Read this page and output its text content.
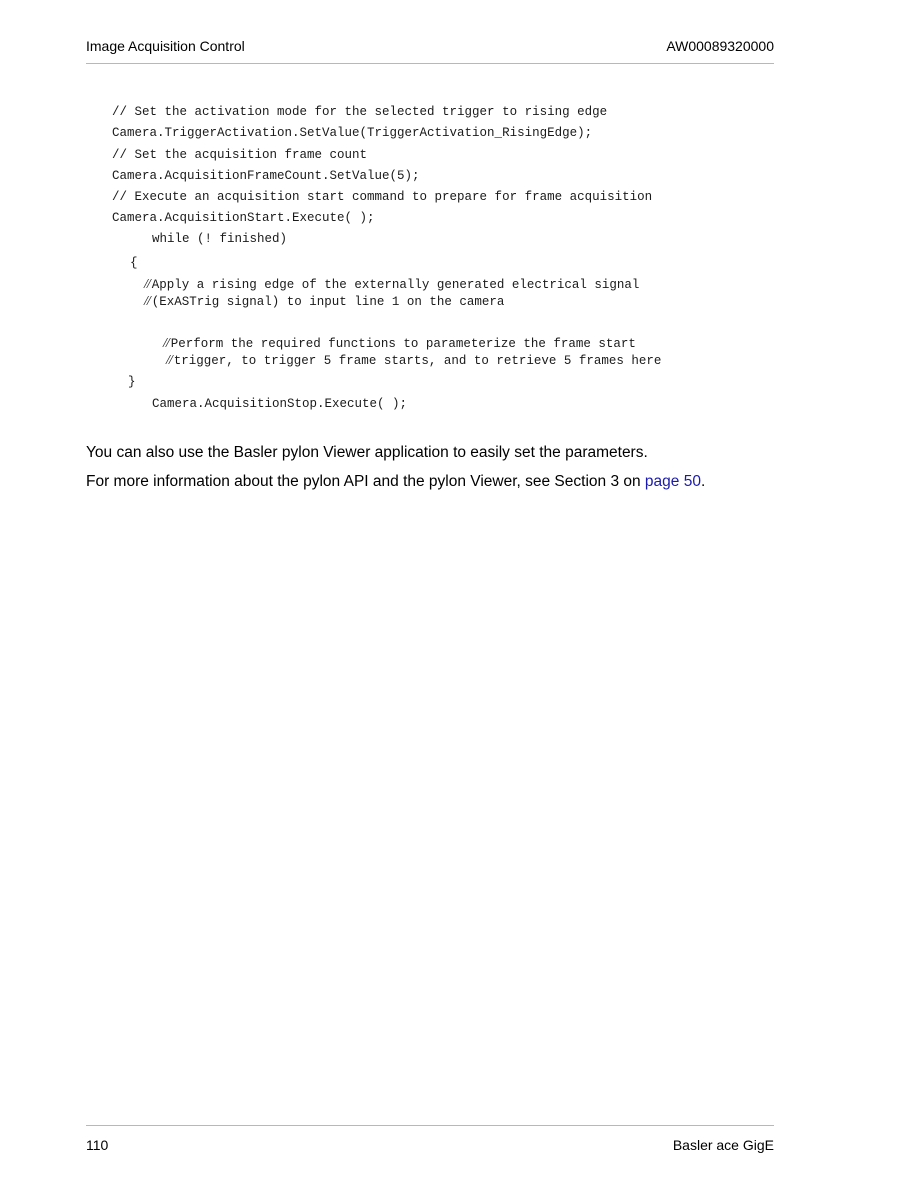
Image Acquisition Control	AW00089320000
// Set the activation mode for the selected trigger to rising edge
Camera.TriggerActivation.SetValue(TriggerActivation_RisingEdge);
// Set the acquisition frame count
Camera.AcquisitionFrameCount.SetValue(5);
// Execute an acquisition start command to prepare for frame acquisition
Camera.AcquisitionStart.Execute( );
while (! finished)
{
// Apply a rising edge of the externally generated electrical signal
// (ExASTrig signal) to input line 1 on the camera
// Perform the required functions to parameterize the frame start
// trigger, to trigger 5 frame starts, and to retrieve 5 frames here
}
Camera.AcquisitionStop.Execute( );
You can also use the Basler pylon Viewer application to easily set the parameters.
For more information about the pylon API and the pylon Viewer, see Section 3 on page 50.
110	Basler ace GigE
